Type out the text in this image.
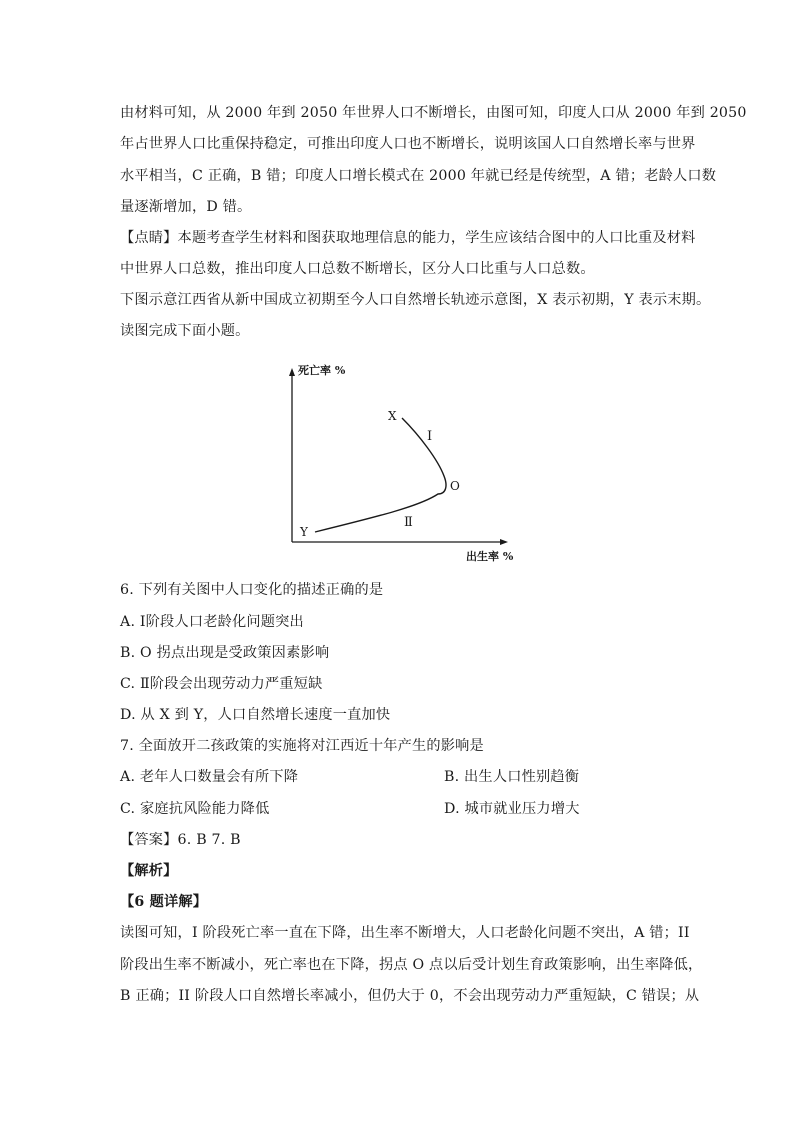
由材料可知，从 2000 年到 2050 年世界人口不断增长，由图可知，印度人口从 2000 年到 2050
年占世界人口比重保持稳定，可推出印度人口也不断增长，说明该国人口自然增长率与世界
水平相当，C 正确，B 错；印度人口增长模式在 2000 年就已经是传统型，A 错；老龄人口数
量逐渐增加，D 错。
【点睛】本题考查学生材料和图获取地理信息的能力，学生应该结合图中的人口比重及材料
中世界人口总数，推出印度人口总数不断增长，区分人口比重与人口总数。
下图示意江西省从新中国成立初期至今人口自然增长轨迹示意图，X 表示初期，Y 表示末期。
读图完成下面小题。
死亡率 %
出生率 %
X
Ⅰ
O
Ⅱ
Y
6. 下列有关图中人口变化的描述正确的是
A. Ⅰ阶段人口老龄化问题突出
B. O 拐点出现是受政策因素影响
C. Ⅱ阶段会出现劳动力严重短缺
D. 从 X 到 Y，人口自然增长速度一直加快
7. 全面放开二孩政策的实施将对江西近十年产生的影响是
A. 老年人口数量会有所下降	B. 出生人口性别趋衡
C. 家庭抗风险能力降低	D. 城市就业压力增大
【答案】6. B 7. B
【解析】
【6 题详解】
读图可知，I 阶段死亡率一直在下降，出生率不断增大，人口老龄化问题不突出，A 错；II
阶段出生率不断减小，死亡率也在下降，拐点 O 点以后受计划生育政策影响，出生率降低，
B 正确；II 阶段人口自然增长率减小，但仍大于 0，不会出现劳动力严重短缺，C 错误；从
